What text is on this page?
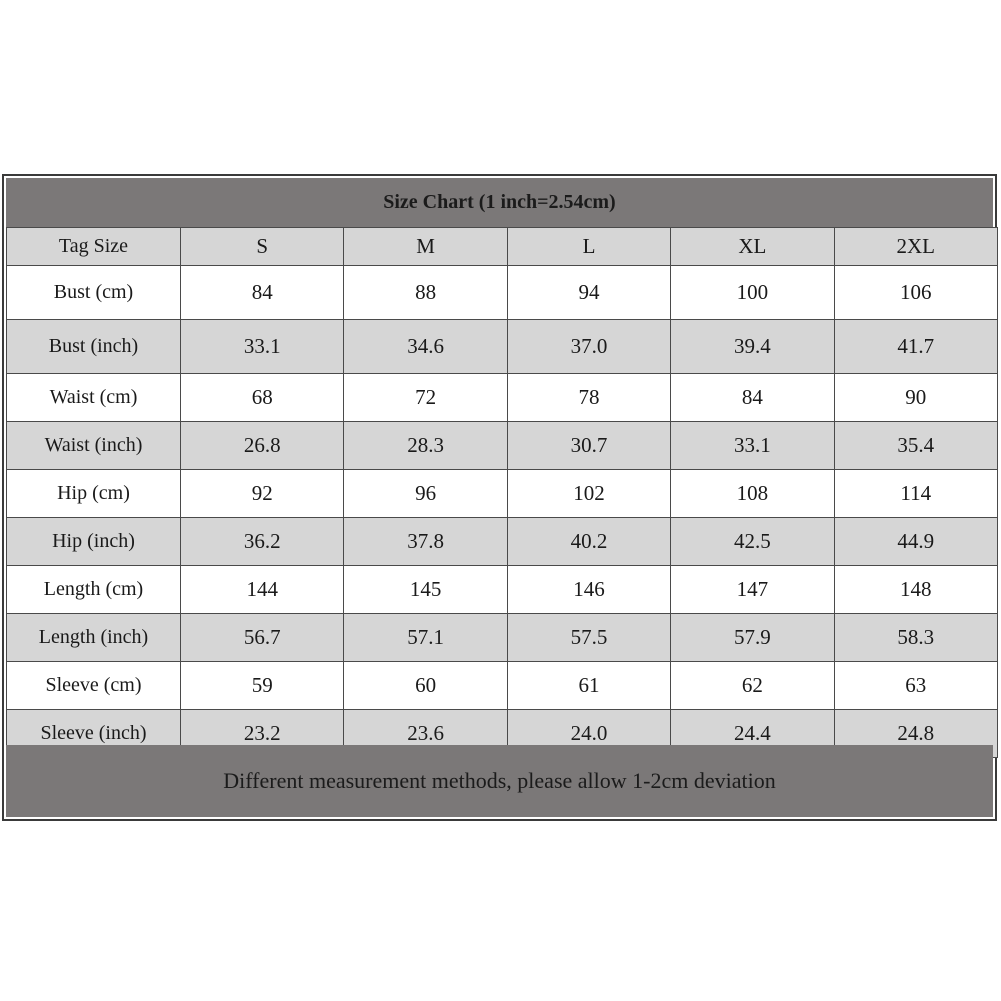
Size Chart (1 inch=2.54cm)
Tag Size	S	M	L	XL	2XL
Bust (cm)	84	88	94	100	106
Bust (inch)	33.1	34.6	37.0	39.4	41.7
Waist (cm)	68	72	78	84	90
Waist (inch)	26.8	28.3	30.7	33.1	35.4
Hip (cm)	92	96	102	108	114
Hip (inch)	36.2	37.8	40.2	42.5	44.9
Length (cm)	144	145	146	147	148
Length (inch)	56.7	57.1	57.5	57.9	58.3
Sleeve (cm)	59	60	61	62	63
Sleeve (inch)	23.2	23.6	24.0	24.4	24.8
Different measurement methods, please allow 1-2cm deviation
